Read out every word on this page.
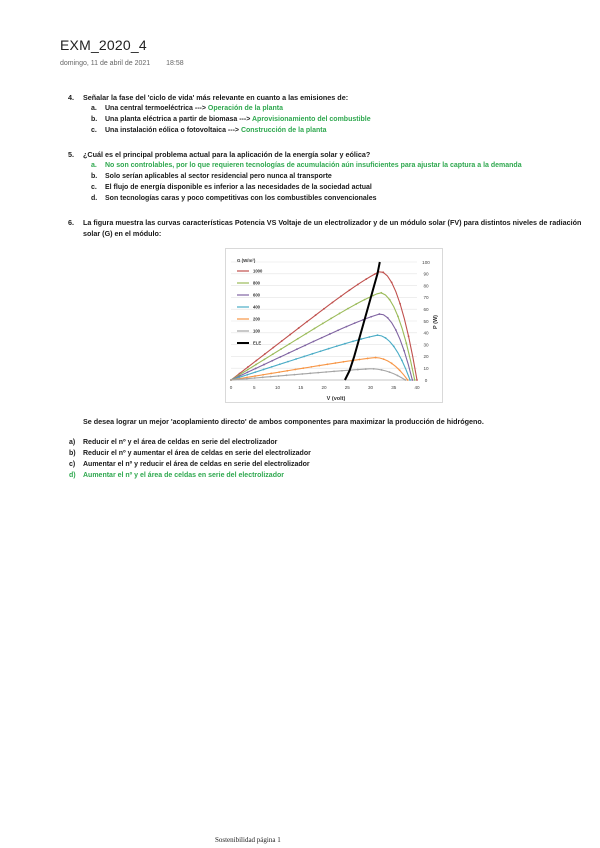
EXM_2020_4
domingo, 11 de abril de 2021 18:58
4. Señalar la fase del 'ciclo de vida' más relevante en cuanto a las emisiones de:
a. Una central termoeléctrica ---> Operación de la planta
b. Una planta eléctrica a partir de biomasa ---> Aprovisionamiento del combustible
c. Una instalación eólica o fotovoltaica ---> Construcción de la planta
5. ¿Cuál es el principal problema actual para la aplicación de la energía solar y eólica?
a. No son controlables, por lo que requieren tecnologías de acumulación aún insuficientes para ajustar la captura a la demanda
b. Solo serían aplicables al sector residencial pero nunca al transporte
c. El flujo de energía disponible es inferior a las necesidades de la sociedad actual
d. Son tecnologías caras y poco competitivas con los combustibles convencionales
6. La figura muestra las curvas características Potencia VS Voltaje de un electrolizador y de un módulo solar (FV) para distintos niveles de radiación solar (G) en el módulo:
1000
800
600
400
200
100
ELE
G (W/m²)
0
10
20
30
40
50
60
70
80
90
100
0	5	10	15	20	25	30	35	40
V (volt)
P (W)
Se desea lograr un mejor 'acoplamiento directo' de ambos componentes para maximizar la producción de hidrógeno.
a) Reducir el nº y el área de celdas en serie del electrolizador
b) Reducir el nº y aumentar el área de celdas en serie del electrolizador
c) Aumentar el nº y reducir el área de celdas en serie del electrolizador
d) Aumentar el nº y el área de celdas en serie del electrolizador
Sostenibilidad página 1
